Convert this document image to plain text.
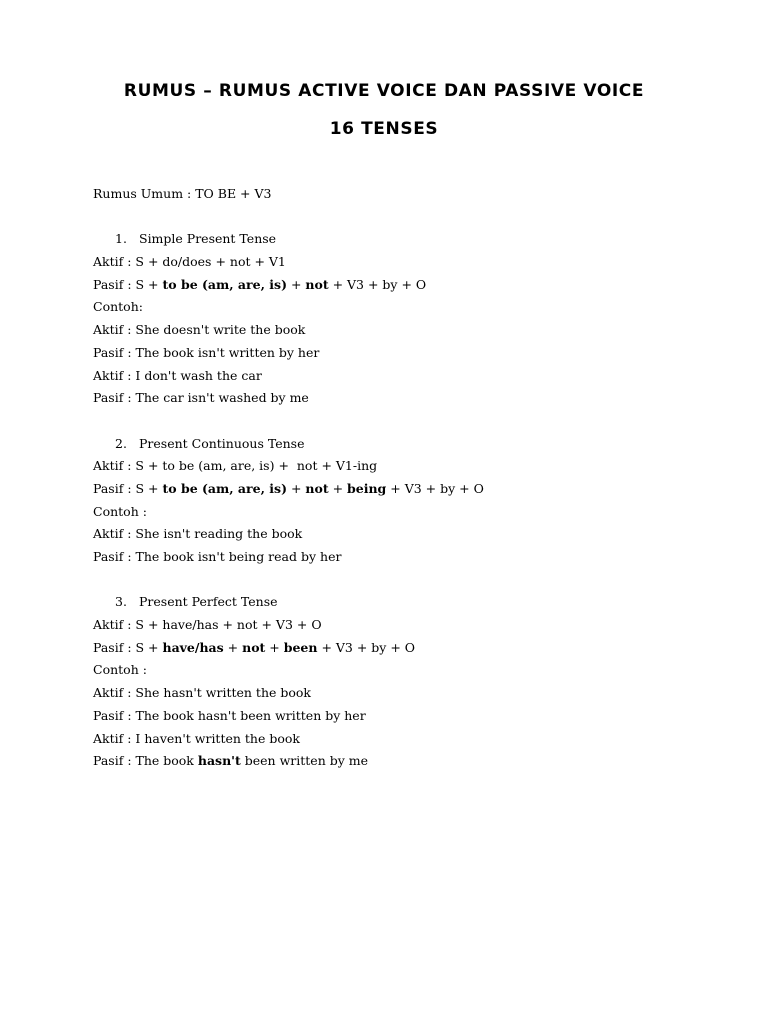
RUMUS – RUMUS ACTIVE VOICE DAN PASSIVE VOICE
16 TENSES
Rumus Umum : TO BE + V3
1. Simple Present Tense
Aktif : S + do/does + not + V1
Pasif : S + to be (am, are, is) + not + V3 + by + O
Contoh:
Aktif : She doesn't write the book
Pasif : The book isn't written by her
Aktif : I don't wash the car
Pasif : The car isn't washed by me
2. Present Continuous Tense
Aktif : S + to be (am, are, is) +  not + V1-ing
Pasif : S + to be (am, are, is) + not + being + V3 + by + O
Contoh :
Aktif : She isn't reading the book
Pasif : The book isn't being read by her
3. Present Perfect Tense
Aktif : S + have/has + not + V3 + O
Pasif : S + have/has + not + been + V3 + by + O
Contoh :
Aktif : She hasn't written the book
Pasif : The book hasn't been written by her
Aktif : I haven't written the book
Pasif : The book hasn't been written by me
